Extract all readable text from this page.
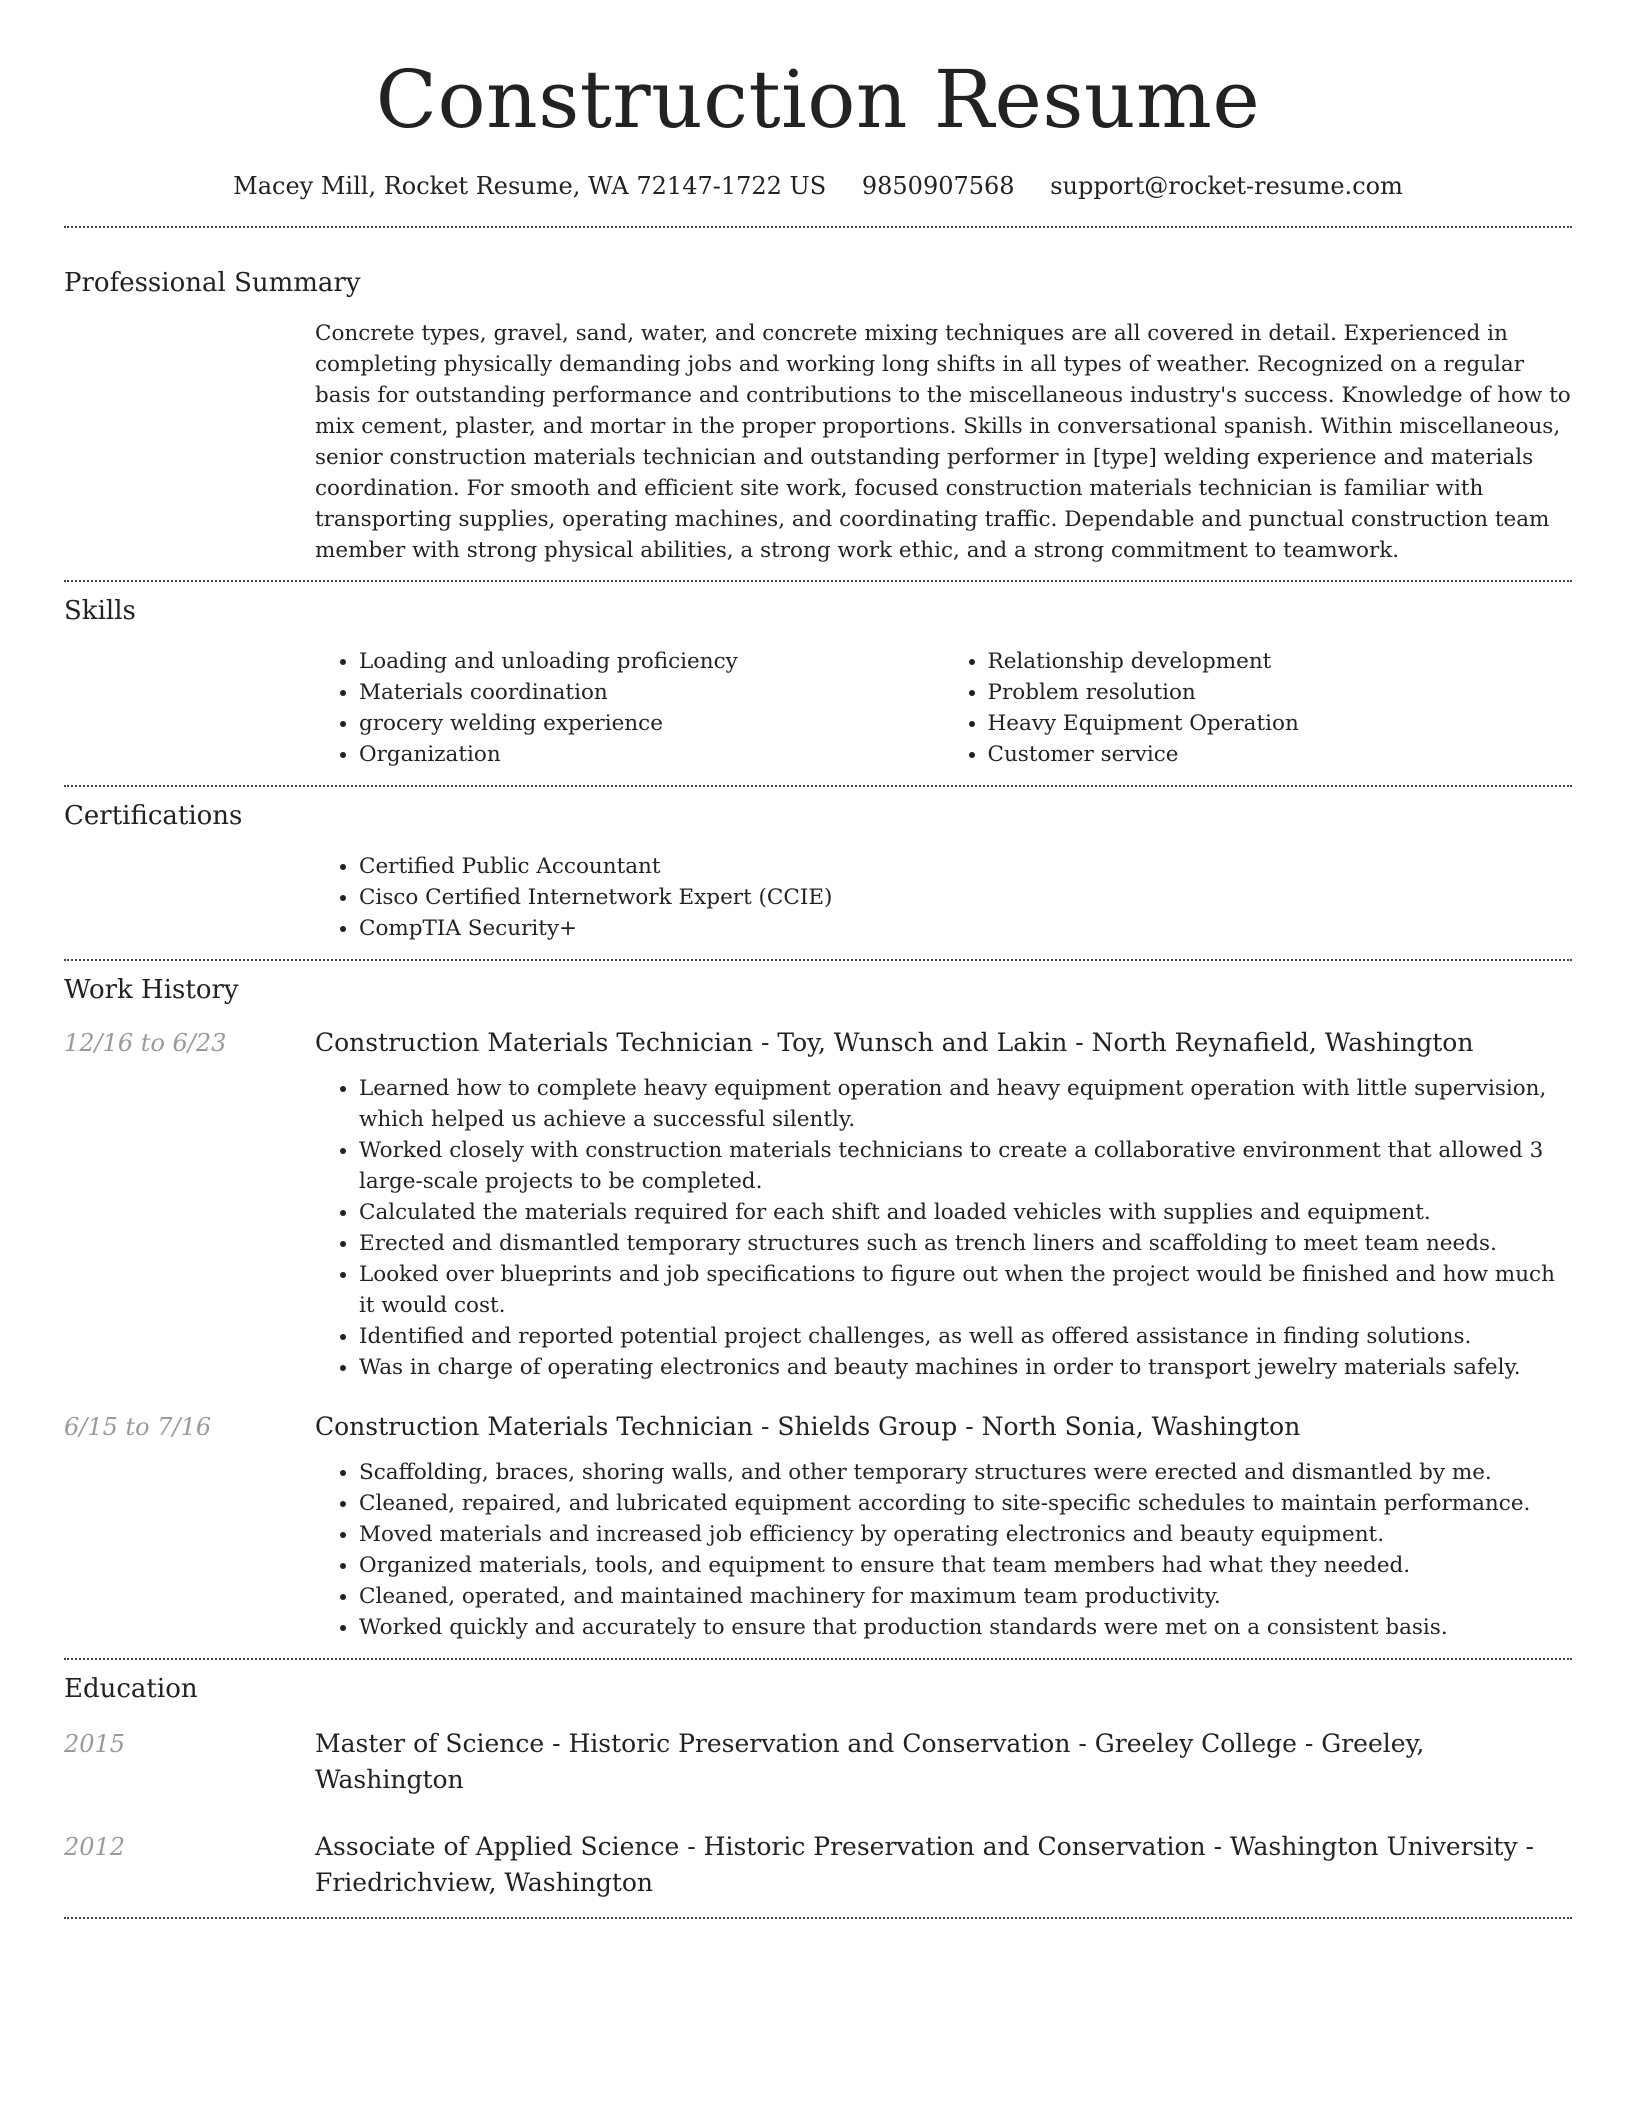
Construction Resume
Macey Mill, Rocket Resume, WA 72147-1722 US 9850907568 support@rocket-resume.com
Professional Summary

Concrete types, gravel, sand, water, and concrete mixing techniques are all covered in detail. Experienced in completing physically demanding jobs and working long shifts in all types of weather. Recognized on a regular basis for outstanding performance and contributions to the miscellaneous industry's success. Knowledge of how to mix cement, plaster, and mortar in the proper proportions. Skills in conversational spanish. Within miscellaneous, senior construction materials technician and outstanding performer in [type] welding experience and materials coordination. For smooth and efficient site work, focused construction materials technician is familiar with transporting supplies, operating machines, and coordinating traffic. Dependable and punctual construction team member with strong physical abilities, a strong work ethic, and a strong commitment to teamwork.

Skills
• Loading and unloading proficiency
• Materials coordination
• grocery welding experience
• Organization
• Relationship development
• Problem resolution
• Heavy Equipment Operation
• Customer service
Certifications
• Certified Public Accountant
• Cisco Certified Internetwork Expert (CCIE)
• CompTIA Security+
Work History
12/16 to 6/23	Construction Materials Technician - Toy, Wunsch and Lakin - North Reynafield, Washington
• Learned how to complete heavy equipment operation and heavy equipment operation with little supervision, which helped us achieve a successful silently.
• Worked closely with construction materials technicians to create a collaborative environment that allowed 3 large-scale projects to be completed.
• Calculated the materials required for each shift and loaded vehicles with supplies and equipment.
• Erected and dismantled temporary structures such as trench liners and scaffolding to meet team needs.
• Looked over blueprints and job specifications to figure out when the project would be finished and how much it would cost.
• Identified and reported potential project challenges, as well as offered assistance in finding solutions.
• Was in charge of operating electronics and beauty machines in order to transport jewelry materials safely.
6/15 to 7/16	Construction Materials Technician - Shields Group - North Sonia, Washington
• Scaffolding, braces, shoring walls, and other temporary structures were erected and dismantled by me.
• Cleaned, repaired, and lubricated equipment according to site-specific schedules to maintain performance.
• Moved materials and increased job efficiency by operating electronics and beauty equipment.
• Organized materials, tools, and equipment to ensure that team members had what they needed.
• Cleaned, operated, and maintained machinery for maximum team productivity.
• Worked quickly and accurately to ensure that production standards were met on a consistent basis.
Education
2015	Master of Science - Historic Preservation and Conservation - Greeley College - Greeley, Washington
2012	Associate of Applied Science - Historic Preservation and Conservation - Washington University - Friedrichview, Washington
